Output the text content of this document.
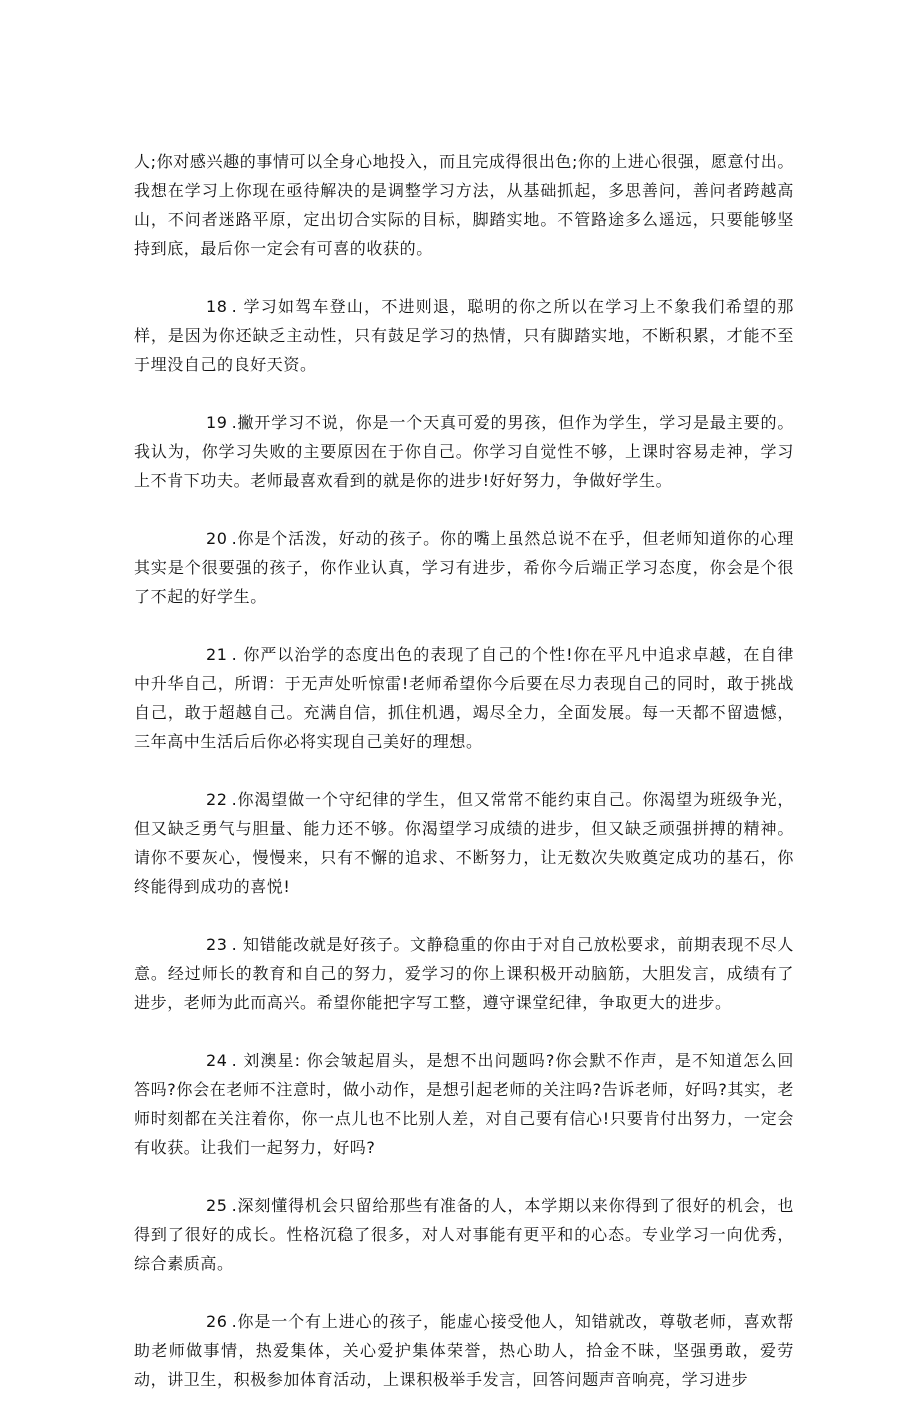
人;你对感兴趣的事情可以全身心地投入，而且完成得很出色;你的上进心很强，愿意付出。我想在学习上你现在亟待解决的是调整学习方法，从基础抓起，多思善问，善问者跨越高山，不问者迷路平原，定出切合实际的目标，脚踏实地。不管路途多么遥远，只要能够坚持到底，最后你一定会有可喜的收获的。

18 . 学习如驾车登山，不进则退，聪明的你之所以在学习上不象我们希望的那样，是因为你还缺乏主动性，只有鼓足学习的热情，只有脚踏实地，不断积累，才能不至于埋没自己的良好天资。

19 .撇开学习不说，你是一个天真可爱的男孩，但作为学生，学习是最主要的。我认为，你学习失败的主要原因在于你自己。你学习自觉性不够，上课时容易走神，学习上不肯下功夫。老师最喜欢看到的就是你的进步!好好努力，争做好学生。

20 .你是个活泼，好动的孩子。你的嘴上虽然总说不在乎，但老师知道你的心理其实是个很要强的孩子，你作业认真，学习有进步，希你今后端正学习态度，你会是个很了不起的好学生。

21 . 你严以治学的态度出色的表现了自己的个性!你在平凡中追求卓越，在自律中升华自己，所谓：于无声处听惊雷!老师希望你今后要在尽力表现自己的同时，敢于挑战自己，敢于超越自己。充满自信，抓住机遇，竭尽全力，全面发展。每一天都不留遗憾，三年高中生活后后你必将实现自己美好的理想。

22 .你渴望做一个守纪律的学生，但又常常不能约束自己。你渴望为班级争光，但又缺乏勇气与胆量、能力还不够。你渴望学习成绩的进步，但又缺乏顽强拼搏的精神。请你不要灰心，慢慢来，只有不懈的追求、不断努力，让无数次失败奠定成功的基石，你终能得到成功的喜悦!

23 . 知错能改就是好孩子。文静稳重的你由于对自己放松要求，前期表现不尽人意。经过师长的教育和自己的努力，爱学习的你上课积极开动脑筋，大胆发言，成绩有了进步，老师为此而高兴。希望你能把字写工整，遵守课堂纪律，争取更大的进步。

24 . 刘澳星: 你会皱起眉头，是想不出问题吗?你会默不作声，是不知道怎么回答吗?你会在老师不注意时，做小动作，是想引起老师的关注吗?告诉老师，好吗?其实，老师时刻都在关注着你，你一点儿也不比别人差，对自己要有信心!只要肯付出努力，一定会有收获。让我们一起努力，好吗?

25 .深刻懂得机会只留给那些有准备的人，本学期以来你得到了很好的机会，也得到了很好的成长。性格沉稳了很多，对人对事能有更平和的心态。专业学习一向优秀，综合素质高。

26 .你是一个有上进心的孩子，能虚心接受他人，知错就改，尊敬老师，喜欢帮助老师做事情，热爱集体，关心爱护集体荣誉，热心助人，拾金不昧，坚强勇敢，爱劳动，讲卫生，积极参加体育活动，上课积极举手发言，回答问题声音响亮，学习进步
